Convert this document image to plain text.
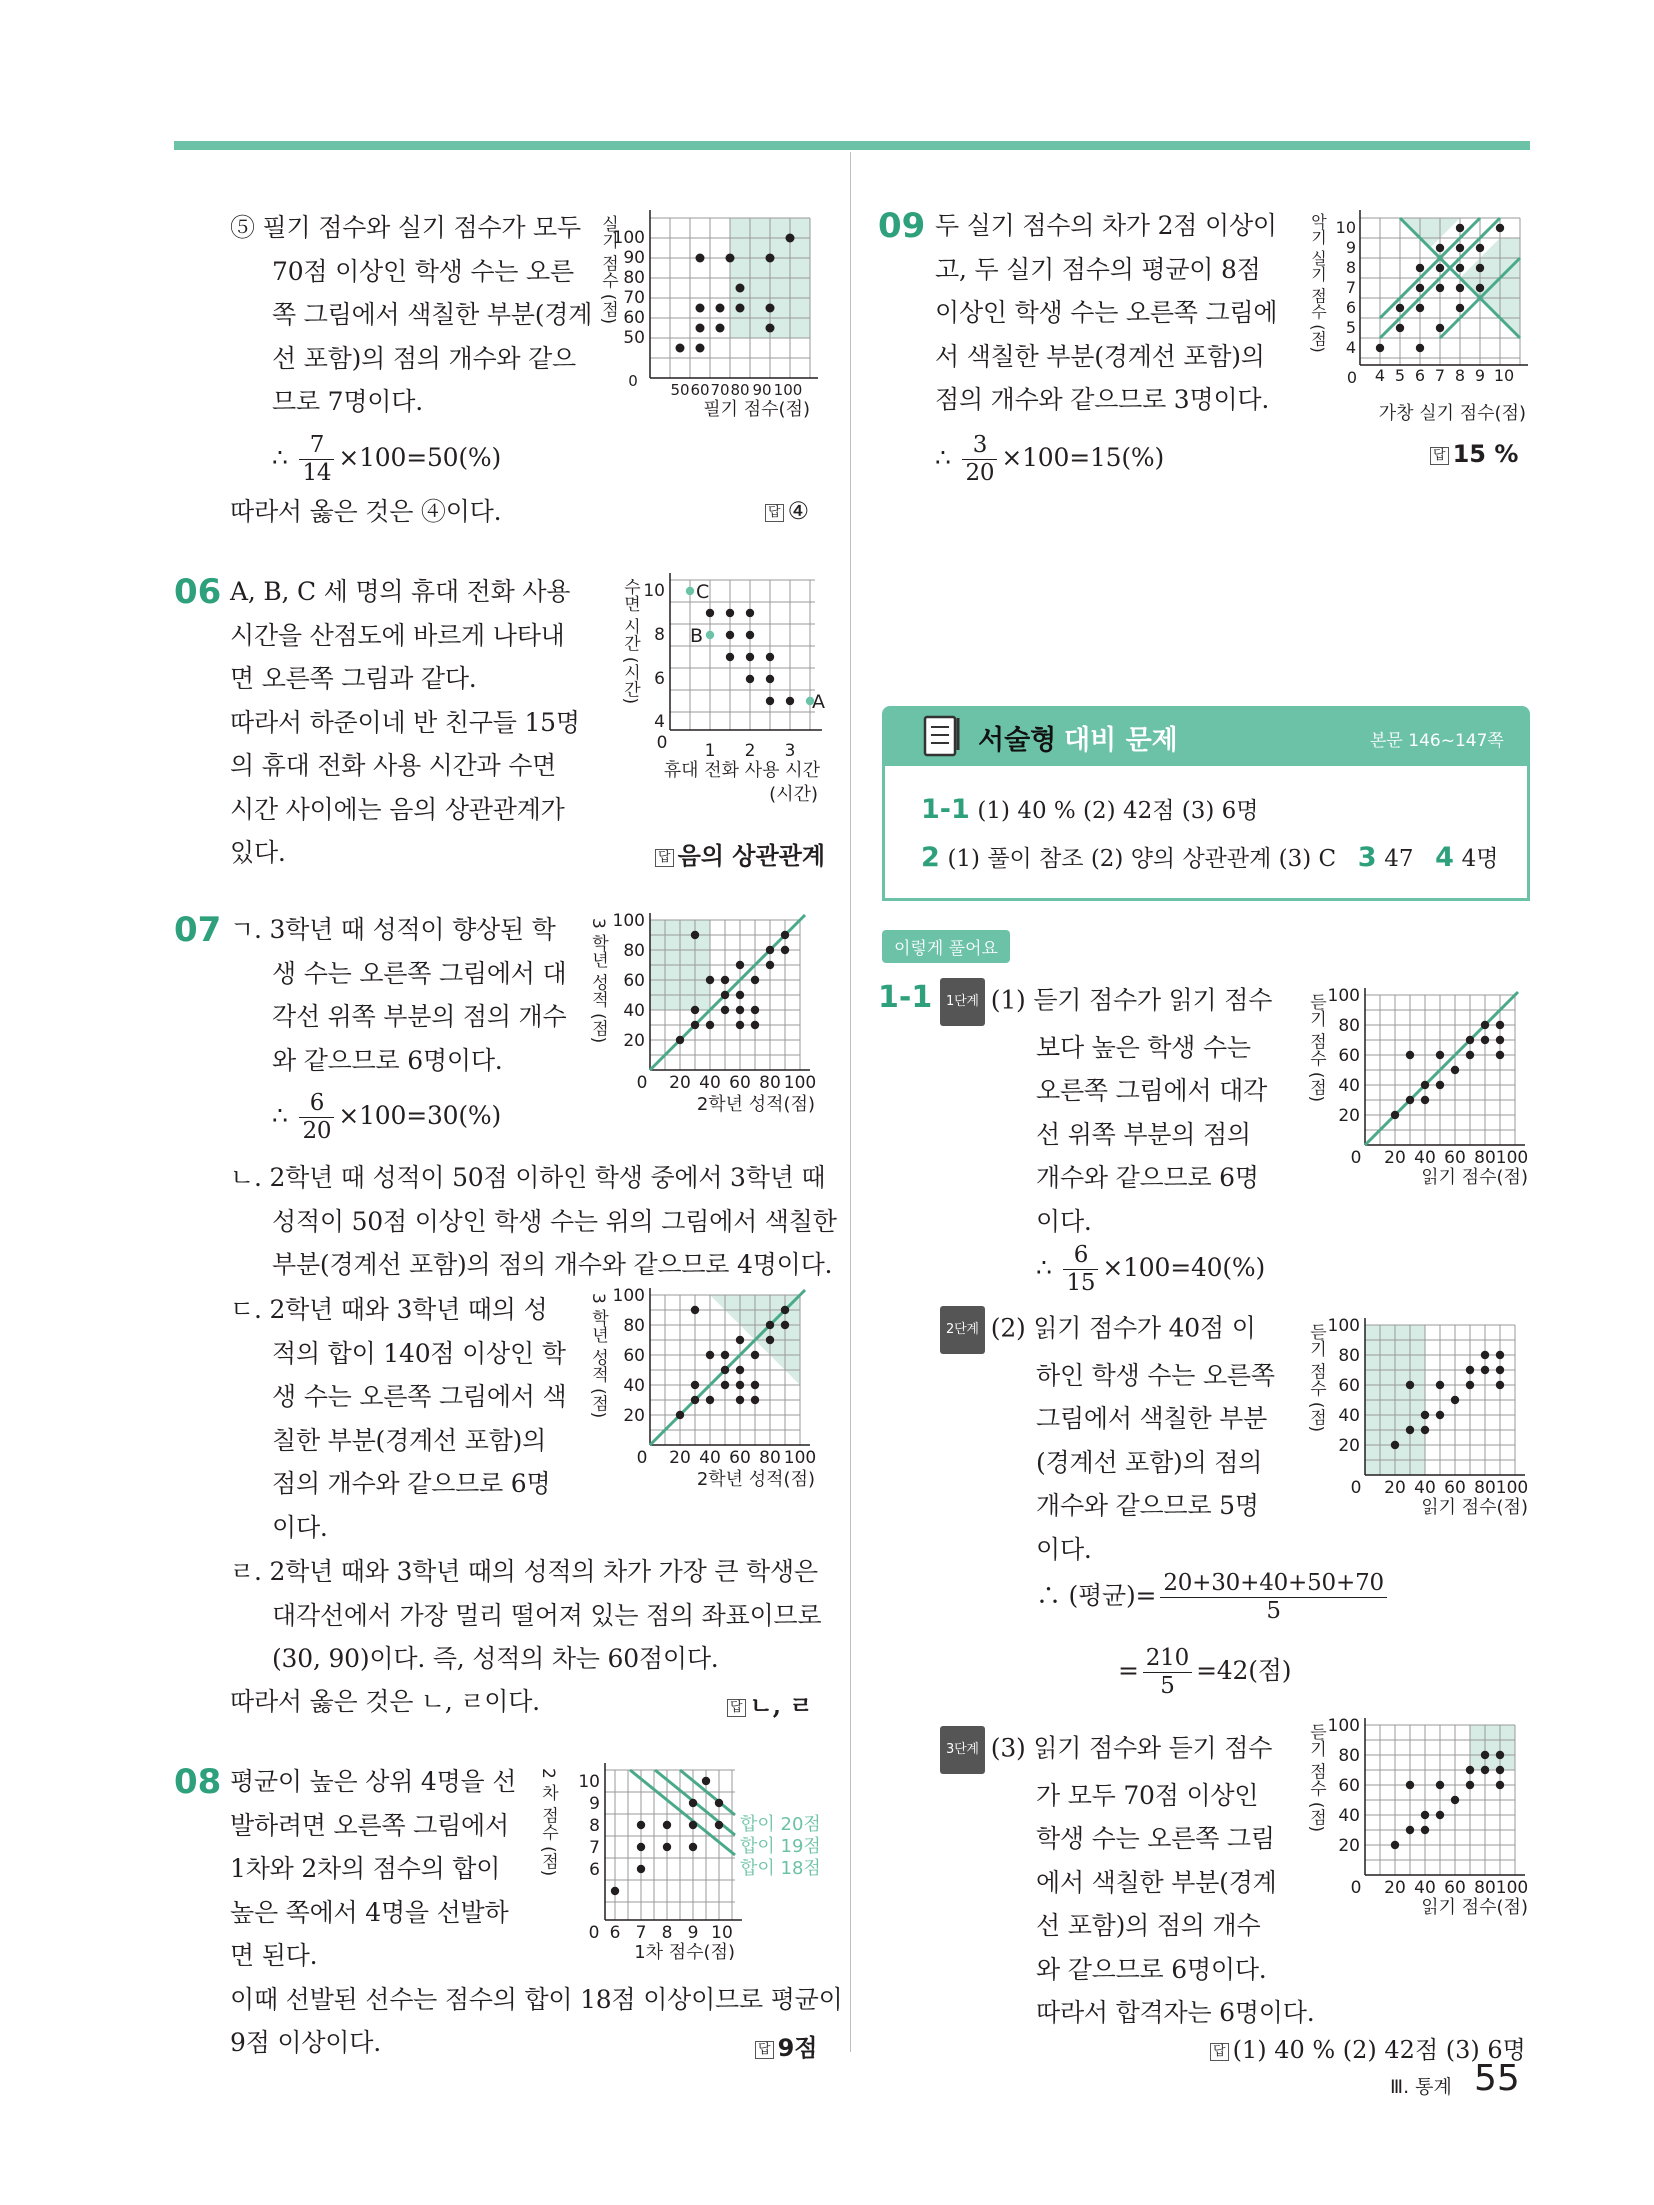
⑤ 필기 점수와 실기 점수가 모두
70점 이상인 학생 수는 오른
쪽 그림에서 색칠한 부분(경계
선 포함)의 점의 개수와 같으
므로 7명이다.
∴ $\frac{7}{14} \times 100=50(\%)$
따라서 옳은 것은 ④이다.	답 ④
100
90
80
70
60
50
0 50 60 70 80 90 100
필기 점수(점)
실기 점수 (점)
06 A, B, C 세 명의 휴대 전화 사용
시간을 산점도에 바르게 나타내
면 오른쪽 그림과 같다.
따라서 하준이네 반 친구들 15명
의 휴대 전화 사용 시간과 수면
시간 사이에는 음의 상관관계가
있다.	답 음의 상관관계
C
B
A
10
8
6
4
0 1 2 3
휴대 전화 사용 시간
(시간)
수면 시간 (시간)
07 ㄱ. 3학년 때 성적이 향상된 학
생 수는 오른쪽 그림에서 대
각선 위쪽 부분의 점의 개수
와 같으므로 6명이다.
∴ $\frac{6}{20} \times 100=30(\%)$
ㄴ. 2학년 때 성적이 50점 이하인 학생 중에서 3학년 때
성적이 50점 이상인 학생 수는 위의 그림에서 색칠한
부분(경계선 포함)의 점의 개수와 같으므로 4명이다.
ㄷ. 2학년 때와 3학년 때의 성
적의 합이 140점 이상인 학
생 수는 오른쪽 그림에서 색
칠한 부분(경계선 포함)의
점의 개수와 같으므로 6명
이다.
ㄹ. 2학년 때와 3학년 때의 성적의 차가 가장 큰 학생은
대각선에서 가장 멀리 떨어져 있는 점의 좌표이므로
(30, 90)이다. 즉, 성적의 차는 60점이다.
따라서 옳은 것은 ㄴ, ㄹ이다.	답 ㄴ, ㄹ
100
80
60
40
20
0 20 40 60 80 100
2학년 성적(점)
3 학년 성적 (점)
100
80
60
40
20
0 20 40 60 80 100
2학년 성적(점)
3 학년 성적 (점)
08 평균이 높은 상위 4명을 선
발하려면 오른쪽 그림에서
1차와 2차의 점수의 합이
높은 쪽에서 4명을 선발하
면 된다.
이때 선발된 선수는 점수의 합이 18점 이상이므로 평균이
9점 이상이다.	답 9점
합이 20점
합이 19점
합이 18점
10
9
8
7
6
0 6 7 8 9 10
1차 점수(점)
2 차 점수 (점)
09 두 실기 점수의 차가 2점 이상이
고, 두 실기 점수의 평균이 8점
이상인 학생 수는 오른쪽 그림에
서 색칠한 부분(경계선 포함)의
점의 개수와 같으므로 3명이다.
∴ $\frac{3}{20} \times 100=15(\%)$	답 15 %
10
9
8
7
6
5
4
0 4 5 6 7 8 9 10
가창 실기 점수(점)
악기 실기 점수 (점)
서술형 대비 문제	본문 146~147쪽
1-1 (1) 40 % (2) 42점 (3) 6명
2 (1) 풀이 참조 (2) 양의 상관관계 (3) C 3 47 4 4명
이렇게 풀어요
1-1	1단계 (1) 듣기 점수가 읽기 점수
보다 높은 학생 수는
오른쪽 그림에서 대각
선 위쪽 부분의 점의
개수와 같으므로 6명
이다.
∴ $\frac{6}{15} \times 100=40(\%)$
2단계 (2) 읽기 점수가 40점 이
하인 학생 수는 오른쪽
그림에서 색칠한 부분
(경계선 포함)의 점의
개수와 같으므로 5명
이다.
∴ (평균)= $\frac{20+30+40+50+70}{5}$
= $\frac{210}{5} =42$(점)
3단계 (3) 읽기 점수와 듣기 점수
가 모두 70점 이상인
학생 수는 오른쪽 그림
에서 색칠한 부분(경계
선 포함)의 점의 개수
와 같으므로 6명이다.
따라서 합격자는 6명이다.
답 (1) 40 % (2) 42점 (3) 6명
100
80
60
40
20
0 20 40 60 80 100
읽기 점수(점)
듣기 점수 (점)
100
80
60
40
20
0 20 40 60 80 100
읽기 점수(점)
듣기 점수 (점)
100
80
60
40
20
0 20 40 60 80 100
읽기 점수(점)
듣기 점수 (점)
Ⅲ. 통계 55
